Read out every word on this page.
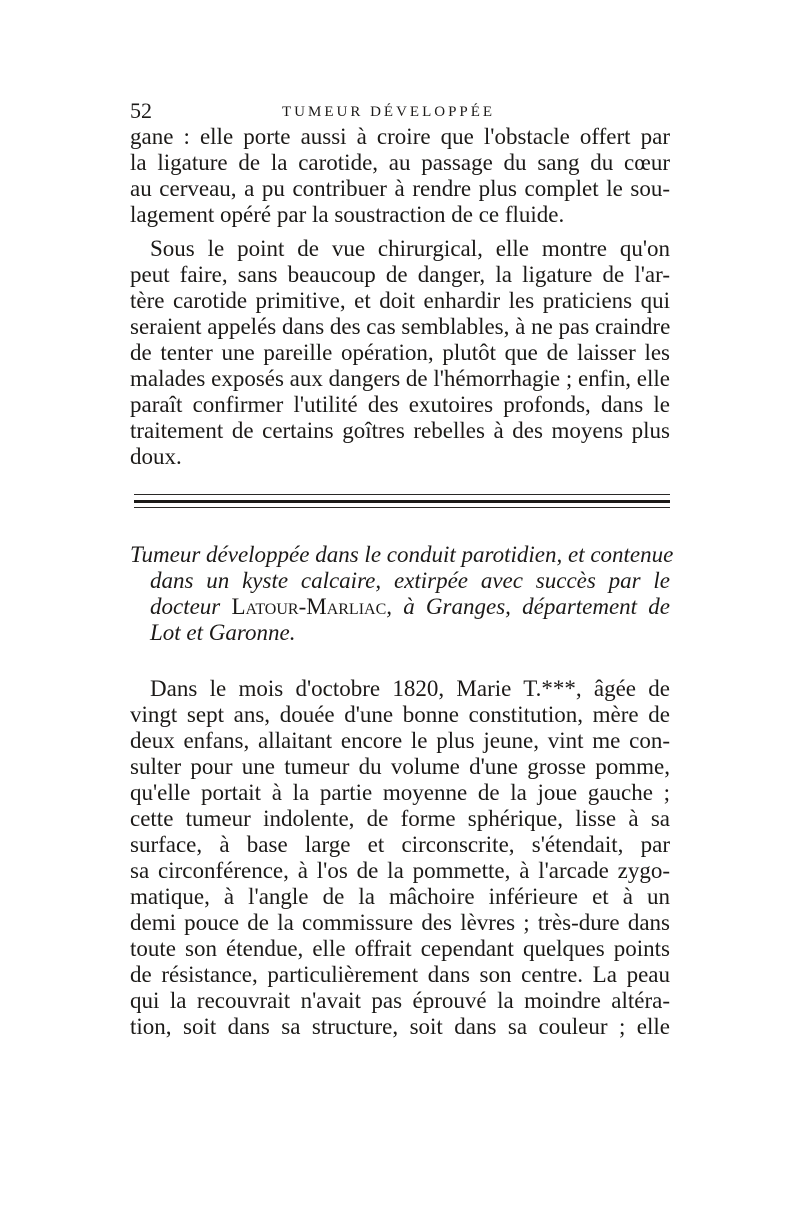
52	TUMEUR DÉVELOPPÉE
gane : elle porte aussi à croire que l'obstacle offert par
la ligature de la carotide, au passage du sang du cœur
au cerveau, a pu contribuer à rendre plus complet le sou-
lagement opéré par la soustraction de ce fluide.
Sous le point de vue chirurgical, elle montre qu'on
peut faire, sans beaucoup de danger, la ligature de l'ar-
tère carotide primitive, et doit enhardir les praticiens qui
seraient appelés dans des cas semblables, à ne pas craindre
de tenter une pareille opération, plutôt que de laisser les
malades exposés aux dangers de l'hémorrhagie ; enfin, elle
paraît confirmer l'utilité des exutoires profonds, dans le
traitement de certains goîtres rebelles à des moyens plus
doux.
Tumeur développée dans le conduit parotidien, et contenue
dans un kyste calcaire, extirpée avec succès par le
docteur Latour-Marliac, à Granges, département de
Lot et Garonne.
Dans le mois d'octobre 1820, Marie T.***, âgée de
vingt sept ans, douée d'une bonne constitution, mère de
deux enfans, allaitant encore le plus jeune, vint me con-
sulter pour une tumeur du volume d'une grosse pomme,
qu'elle portait à la partie moyenne de la joue gauche ;
cette tumeur indolente, de forme sphérique, lisse à sa
surface, à base large et circonscrite, s'étendait, par
sa circonférence, à l'os de la pommette, à l'arcade zygo-
matique, à l'angle de la mâchoire inférieure et à un
demi pouce de la commissure des lèvres ; très-dure dans
toute son étendue, elle offrait cependant quelques points
de résistance, particulièrement dans son centre. La peau
qui la recouvrait n'avait pas éprouvé la moindre altéra-
tion, soit dans sa structure, soit dans sa couleur ; elle
